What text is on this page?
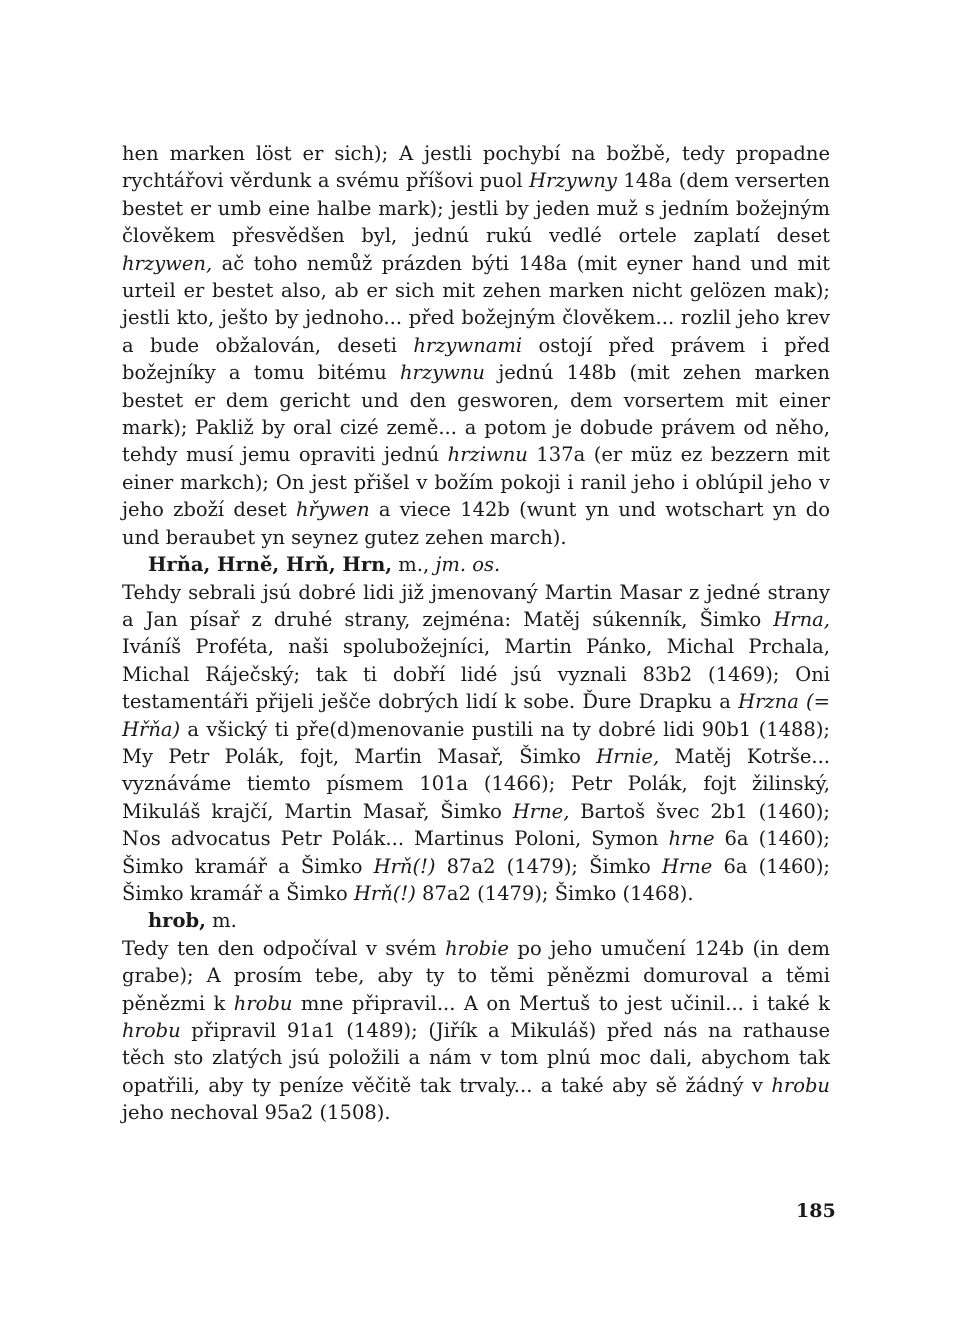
hen marken löst er sich); A jestli pochybí na božbě, tedy propadne rychtářovi věrdunk a svému příšovi puol Hrzywny 148a (dem verserten bestet er umb eine halbe mark); jestli by jeden muž s jedním božejným člověkem přesvědšen byl, jednú rukú vedlé ortele zaplatí deset hrzywen, ač toho nemůž prázden býti 148a (mit eyner hand und mit urteil er bestet also, ab er sich mit zehen marken nicht gelözen mak); jestli kto, ješto by jednoho... před božejným člověkem... rozlil jeho krev a bude obžalován, deseti hrzywnami ostojí před právem i před božejníky a tomu bitému hrzywnu jednú 148b (mit zehen marken bestet er dem gericht und den gesworen, dem vorsertem mit einer mark); Pakliž by oral cizé země... a potom je dobude právem od něho, tehdy musí jemu opraviti jednú hrziwnu 137a (er müz ez bezzern mit einer markch); On jest přišel v božím pokoji i ranil jeho i oblúpil jeho v jeho zboží deset hřywen a viece 142b (wunt yn und wotschart yn do und beraubet yn seynez gutez zehen march).

Hrňa, Hrně, Hrň, Hrn, m., jm. os.

Tehdy sebrali jsú dobré lidi již jmenovaný Martin Masar z jedné strany a Jan písař z druhé strany, zejména: Matěj súkenník, Šimko Hrna, Iváníš Proféta, naši spolubožejníci, Martin Pánko, Michal Prchala, Michal Ráječský; tak ti dobří lidé jsú vyznali 83b2 (1469); Oni testamentáři přijeli ješče dobrých lidí k sobe. Ďure Drapku a Hrzna (= Hřňa) a všický ti pře(d)menovanie pustili na ty dobré lidi 90b1 (1488); My Petr Polák, fojt, Marťin Masař, Šimko Hrnie, Matěj Kotrše... vyznáváme tiemto písmem 101a (1466); Petr Polák, fojt žilinský, Mikuláš krajčí, Martin Masař, Šimko Hrne, Bartoš švec 2b1 (1460); Nos advocatus Petr Polák... Martinus Poloni, Symon hrne 6a (1460); Šimko kramář a Šimko Hrň(!) 87a2 (1479); Šimko Hrne 6a (1460); Šimko kramář a Šimko Hrň(!) 87a2 (1479); Šimko (1468).

hrob, m.

Tedy ten den odpočíval v svém hrobie po jeho umučení 124b (in dem grabe); A prosím tebe, aby ty to těmi pěnězmi domuroval a těmi pěnězmi k hrobu mne připravil... A on Mertuš to jest učinil... i také k hrobu připravil 91a1 (1489); (Jiřík a Mikuláš) před nás na rathause těch sto zlatých jsú položili a nám v tom plnú moc dali, abychom tak opatřili, aby ty peníze věčitě tak trvaly... a také aby sě žádný v hrobu jeho nechoval 95a2 (1508).

185
